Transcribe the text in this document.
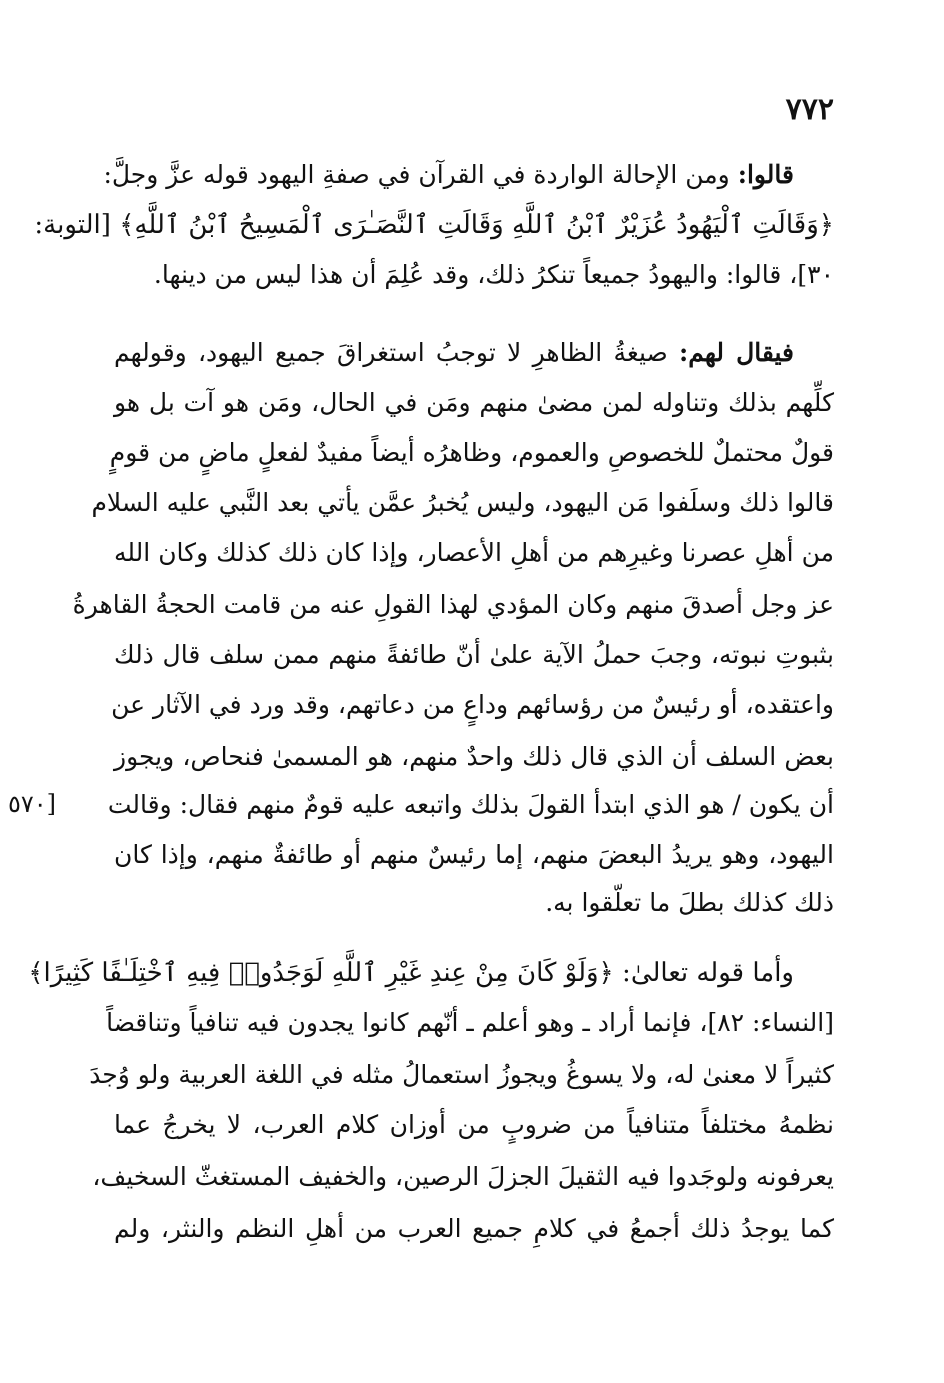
٧٧٢
قالوا: ومن الإحالة الواردة في القرآن في صفةِ اليهود قوله عزَّ وجلَّ:
﴿وَقَالَتِ ٱلْيَهُودُ عُزَيْرٌ ٱبْنُ ٱللَّهِ وَقَالَتِ ٱلنَّصَـٰرَى ٱلْمَسِيحُ ٱبْنُ ٱللَّهِ﴾ [التوبة:
٣٠]، قالوا: واليهودُ جميعاً تنكرُ ذلك، وقد عُلِمَ أن هذا ليس من دينها.
فيقال لهم: صيغةُ الظاهرِ لا توجبُ استغراقَ جميع اليهود، وقولهم
كلِّهم بذلك وتناوله لمن مضىٰ منهم ومَن في الحال، ومَن هو آت بل هو
قولٌ محتملٌ للخصوصِ والعموم، وظاهرُه أيضاً مفيدٌ لفعلٍ ماضٍ من قومٍ
قالوا ذلك وسلَفوا مَن اليهود، وليس يُخبرُ عمَّن يأتي بعد النَّبي عليه السلام
من أهلِ عصرنا وغيرِهم من أهلِ الأعصار، وإذا كان ذلك كذلك وكان الله
عز وجل أصدقَ منهم وكان المؤدي لهذا القولِ عنه من قامت الحجةُ القاهرةُ
بثبوتِ نبوته، وجبَ حملُ الآية علىٰ أنّ طائفةً منهم ممن سلف قال ذلك
واعتقده، أو رئيسٌ من رؤسائهم وداعٍ من دعاتهم، وقد ورد في الآثار عن
بعض السلف أن الذي قال ذلك واحدٌ منهم، هو المسمىٰ فنحاص، ويجوز
أن يكون / هو الذي ابتدأ القولَ بذلك واتبعه عليه قومٌ منهم فقال: وقالت
[٥٧٠
اليهود، وهو يريدُ البعضَ منهم، إما رئيسٌ منهم أو طائفةٌ منهم، وإذا كان
ذلك كذلك بطلَ ما تعلّقوا به.
وأما قوله تعالىٰ: ﴿وَلَوْ كَانَ مِنْ عِندِ غَيْرِ ٱللَّهِ لَوَجَدُوا۟ فِيهِ ٱخْتِلَـٰفًا كَثِيرًا﴾
[النساء: ٨٢]، فإنما أراد ـ وهو أعلم ـ أنّهم كانوا يجدون فيه تنافياً وتناقضاً
كثيراً لا معنىٰ له، ولا يسوغُ ويجوزُ استعمالُ مثله في اللغة العربية ولو وُجدَ
نظمهُ مختلفاً متنافياً من ضروبٍ من أوزان كلام العرب، لا يخرجُ عما
يعرفونه ولوجَدوا فيه الثقيلَ الجزلَ الرصين، والخفيف المستغثّ السخيف،
كما يوجدُ ذلك أجمعُ في كلامِ جميع العرب من أهلِ النظم والنثر، ولم
